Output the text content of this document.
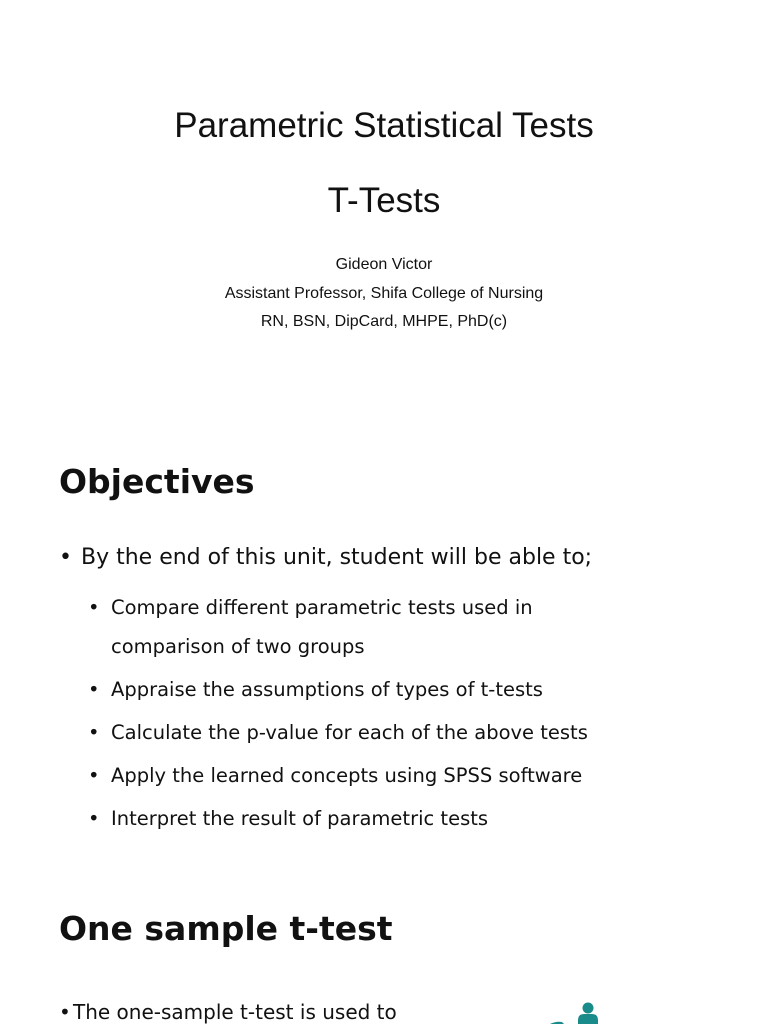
Parametric Statistical Tests
T-Tests
Gideon Victor
Assistant Professor, Shifa College of Nursing
RN, BSN, DipCard, MHPE, PhD(c)
Objectives
• By the end of this unit, student will be able to;
• Compare different parametric tests used in comparison of two groups
• Appraise the assumptions of types of t-tests
• Calculate the p-value for each of the above tests
• Apply the learned concepts using SPSS software
• Interpret the result of parametric tests
One sample t-test
• The one-sample t-test is used to
